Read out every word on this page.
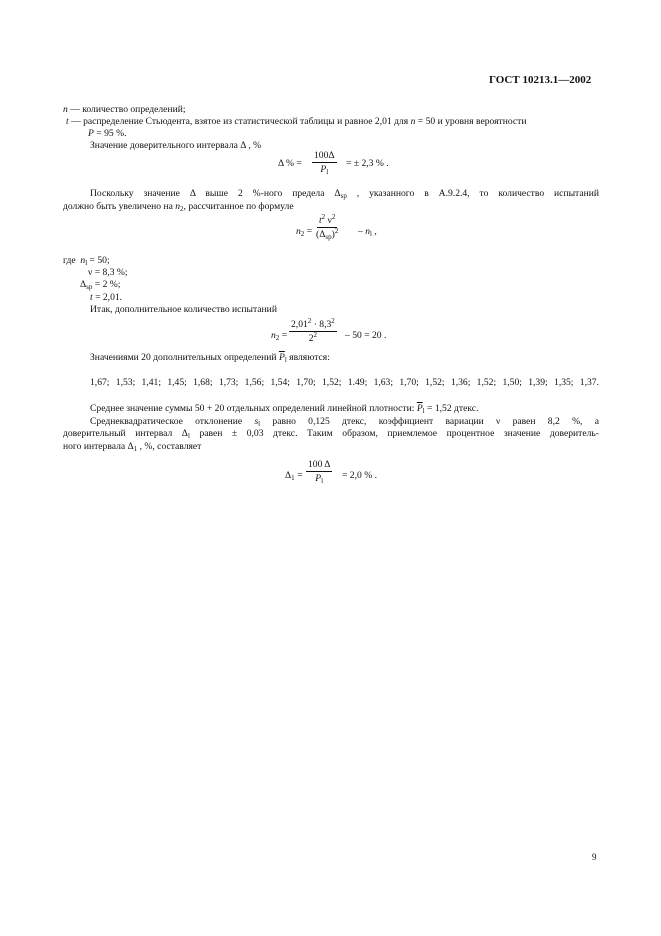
ГОСТ 10213.1—2002
n — количество определений;
t — распределение Стьюдента, взятое из статистической таблицы и равное 2,01 для n = 50 и уровня вероятности
P = 95 %.
Значение доверительного интервала Δ , %
Δ % = $\frac{100\Delta}{P_l}$ = ± 2,3 % .
Поскольку значение Δ выше 2 %-ного предела $\Delta_{sp}$ , указанного в А.9.2.4, то количество испытаний
должно быть увеличено на $n_2$, рассчитанное по формуле
$n_2$ =
$t^2$ $\nu^2$
$(\Delta_{sp})^2 - n_l$ ,
где $n_l = 50$;
ν = 8,3 %;
$\Delta_{sp} = 2$ %;
t = 2,01.
Итак, дополнительное количество испытаний
$n_2 = \frac{2,01^2 \cdot 8,3^2}{2^2} - 50 = 20$ .
Значениями 20 дополнительных определений $\overline{P}_l$ являются:
1,67; 1,53; 1,41; 1,45; 1,68; 1,73; 1,56; 1,54; 1,70; 1,52; 1.49; 1,63; 1,70; 1,52; 1,36; 1,52; 1,50; 1,39; 1,35; 1,37.
Среднее значение суммы 50 + 20 отдельных определений линейной плотности: $\overline{P}_l = 1,52$ дтекс.
Среднеквадратическое отклонение $s_l$ равно 0,125 дтекс, коэффициент вариации ν равен 8,2 %, а
доверительный интервал $\Delta_l$ равен ± 0,03 дтекс. Таким образом, приемлемое процентное значение доверитель-
ного интервала $\Delta_1$ , %, составляет
$\Delta_1 = \frac{100 \Delta}{P_l} = 2,0$ % .
9
